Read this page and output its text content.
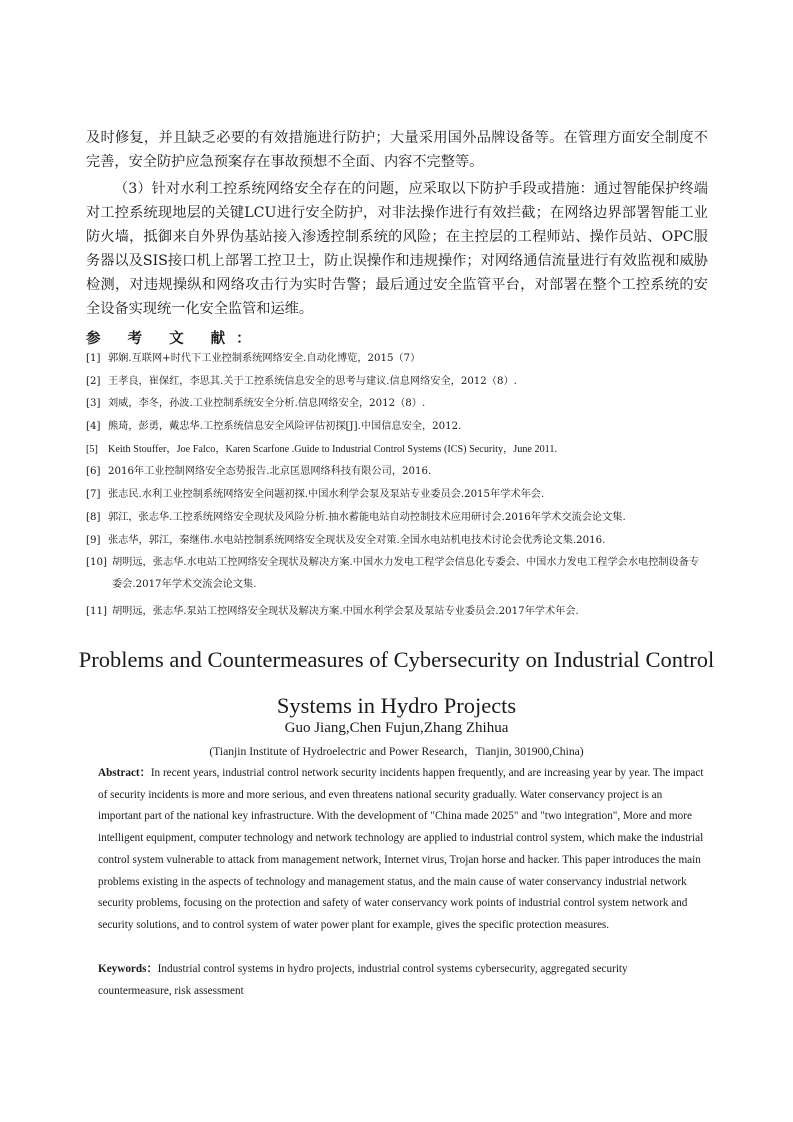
及时修复，并且缺乏必要的有效措施进行防护；大量采用国外品牌设备等。在管理方面安全制度不完善，安全防护应急预案存在事故预想不全面、内容不完整等。

（3）针对水利工控系统网络安全存在的问题，应采取以下防护手段或措施：通过智能保护终端对工控系统现地层的关键LCU进行安全防护，对非法操作进行有效拦截；在网络边界部署智能工业防火墙，抵御来自外界伪基站接入渗透控制系统的风险；在主控层的工程师站、操作员站、OPC服务器以及SIS接口机上部署工控卫士，防止误操作和违规操作；对网络通信流量进行有效监视和威胁检测，对违规操纵和网络攻击行为实时告警；最后通过安全监管平台，对部署在整个工控系统的安全设备实现统一化安全监管和运维。

参 考 文 献：
[1] 郭娴.互联网+时代下工业控制系统网络安全.自动化博览，2015（7）
[2] 王孝良，崔保红，李思其.关于工控系统信息安全的思考与建议.信息网络安全，2012（8）.
[3] 刘威，李冬，孙波.工业控制系统安全分析.信息网络安全，2012（8）.
[4] 熊琦，彭勇，戴忠华.工控系统信息安全风险评估初探[J].中国信息安全，2012.
[5] Keith Stouffer，Joe Falco，Karen Scarfone .Guide to Industrial Control Systems (ICS) Security，June 2011.
[6] 2016年工业控制网络安全态势报告.北京匡恩网络科技有限公司，2016.
[7] 张志民.水利工业控制系统网络安全问题初探.中国水利学会泵及泵站专业委员会.2015年学术年会.
[8] 郭江，张志华.工控系统网络安全现状及风险分析.抽水蓄能电站自动控制技术应用研讨会.2016年学术交流会论文集.
[9] 张志华，郭江，秦继伟.水电站控制系统网络安全现状及安全对策.全国水电站机电技术讨论会优秀论文集.2016.
[10] 胡明远，张志华.水电站工控网络安全现状及解决方案.中国水力发电工程学会信息化专委会、中国水力发电工程学会水电控制设备专委会.2017年学术交流会论文集.
[11] 胡明远，张志华.泵站工控网络安全现状及解决方案.中国水利学会泵及泵站专业委员会.2017年学术年会.
Problems and Countermeasures of Cybersecurity on Industrial Control
Systems in Hydro Projects
Guo Jiang,Chen Fujun,Zhang Zhihua
(Tianjin Institute of Hydroelectric and Power Research，Tianjin, 301900,China)
Abstract：In recent years, industrial control network security incidents happen frequently, and are increasing year by year. The impact of security incidents is more and more serious, and even threatens national security gradually. Water conservancy project is an important part of the national key infrastructure. With the development of "China made 2025" and "two integration", More and more intelligent equipment, computer technology and network technology are applied to industrial control system, which make the industrial control system vulnerable to attack from management network, Internet virus, Trojan horse and hacker. This paper introduces the main problems existing in the aspects of technology and management status, and the main cause of water conservancy industrial network security problems, focusing on the protection and safety of water conservancy work points of industrial control system network and security solutions, and to control system of water power plant for example, gives the specific protection measures.
Keywords：Industrial control systems in hydro projects, industrial control systems cybersecurity, aggregated security countermeasure, risk assessment
